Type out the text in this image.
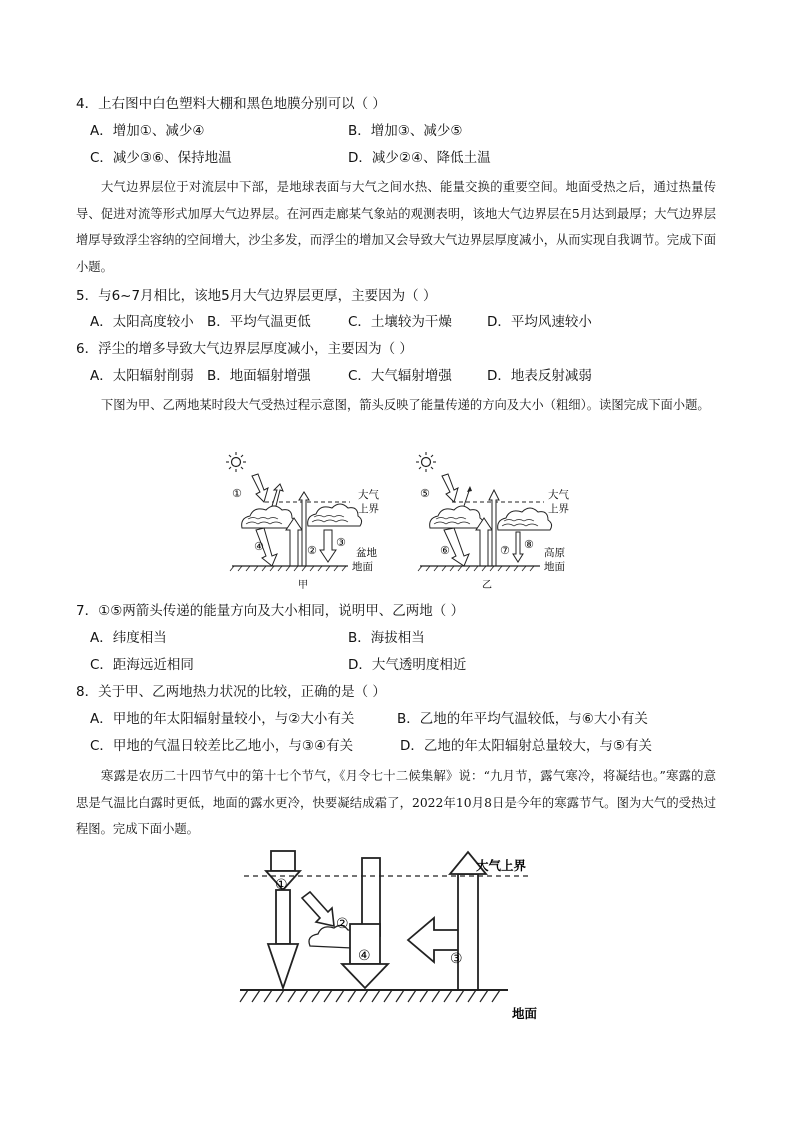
4．上右图中白色塑料大棚和黑色地膜分别可以（ ）
A．增加①、减少④	B．增加③、减少⑤
C．减少③⑥、保持地温	D．减少②④、降低土温
大气边界层位于对流层中下部，是地球表面与大气之间水热、能量交换的重要空间。地面受热之后，通过热量传导、促进对流等形式加厚大气边界层。在河西走廊某气象站的观测表明，该地大气边界层在5月达到最厚；大气边界层增厚导致浮尘容纳的空间增大，沙尘多发，而浮尘的增加又会导致大气边界层厚度减小，从而实现自我调节。完成下面小题。
5．与6~7月相比，该地5月大气边界层更厚，主要因为（ ）
A．太阳高度较小 B．平均气温更低	C．土壤较为干燥	D．平均风速较小
6．浮尘的增多导致大气边界层厚度减小，主要因为（ ）
A．太阳辐射削弱 B．地面辐射增强	C．大气辐射增强	D．地表反射减弱
下图为甲、乙两地某时段大气受热过程示意图，箭头反映了能量传递的方向及大小（粗细）。读图完成下面小题。
①
④	②
③
大气
上界
盆地
地面
甲
⑤
⑥	⑦ ⑧
大气
上界
高原
地面
乙
7．①⑤两箭头传递的能量方向及大小相同，说明甲、乙两地（ ）
A．纬度相当	B．海拔相当
C．距海远近相同	D．大气透明度相近
8．关于甲、乙两地热力状况的比较，正确的是（ ）
A．甲地的年太阳辐射量较小，与②大小有关	B．乙地的年平均气温较低，与⑥大小有关
C．甲地的气温日较差比乙地小，与③④有关	D．乙地的年太阳辐射总量较大，与⑤有关
寒露是农历二十四节气中的第十七个节气，《月令七十二候集解》说：“九月节，露气寒冷，将凝结也。”寒露的意思是气温比白露时更低，地面的露水更冷，快要凝结成霜了，2022年10月8日是今年的寒露节气。图为大气的受热过程图。完成下面小题。
①
②
③
④
大气上界
地面
